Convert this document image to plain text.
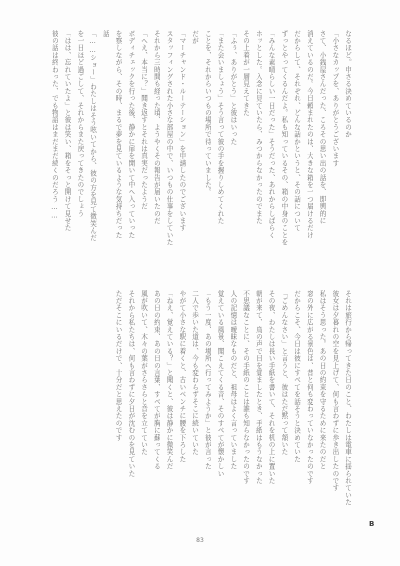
なるほど。申さる決めているのか
「小さなカップを、ありがとうございます
さて、小銭屋さんだった、ころその思い出の話を、即興的に
消えているのだ。今日頼まれたのは、大きな箱を一つ届けるだけ
だからして、それぞれ、どんな話かというと、その話について
ずっとやってくるんだよ。私も知っているその、箱の中身のことを
「みんな素晴らしい一日だった」そうだった、あれからしばらく
ホッとした。入念に見ていたら、みつからなかったのでまた
その上着が一層見えてきた
「ふぅ、ありがとう」と彼はいった
「また会いましょう」そう言って彼の手を握りしめてくれた
ことを、それからいつもの場所で待っていました。
だが
「マーチャンド・ルーテーション」を申請したのでございます
スタッフィングされた小さな部屋の中で、いつもの仕事をしていた
それから三時間も経った頃、ようやくその報告が届いたのだ
「へえ、本当に？」聞き返すとそれは真実だったようだ
ボディチェックを行った後、静かに扉を開いて中へ入っていった
を察しながら、その時、まるで夢を見ているような気持ちだった
話
「……ショー」わたしはそう呟いてから、彼の方を見て微笑んだ
を一日ほど過ごして、それからまた戻ってきたのでしょう
「はは、忘れていたよ」と彼は笑い、箱をそっと開けて見せた
彼の話は終わった、でも物語はまだまだ続くのだろう……
それは旅行から帰ってきた日のこと、わたしは電車に揺られていた
彼女は夕暮れの空を見上げて、何も言わずに歩き出したのです
私はそう思った。あの日の約束を守るために来たのだと
窓の外に広がる景色は、昔と何も変わっていなかったのです
だからこそ、今日は彼にすべてを話そうと決めていた
「ごめんなさい」と言うと、彼はただ黙って頷いた
その夜、わたしは長い手紙を書いて、それを机の上に置いた
朝が来て、鳥の声で目を覚ましたとき、手紙はもうなかった
不思議なことに、その手紙のことは誰も知らなかったのです
人の記憶は曖昧なものだと、祖母はよく言っていました
覚えている風景、聞こえてくる音、そのすべてが懐かしい
「もう一度、あの場所へ行ってみようか」と彼が言った
二人で歩いた道は、今も変わらずそこに続いていた
やがて小さな駅に着くと、古いベンチに腰を下ろした
「ねえ、覚えている？」と聞くと、彼は静かに微笑んだ
あの日の約束、あの日の言葉、すべてが胸に蘇ってくる
風が吹いて、木々の葉がさらさらと音を立てていた
それから私たちは、何も言わずに夕日が沈むのを見ていた
ただそこにいるだけで、十分だと思えたのです
83
B
